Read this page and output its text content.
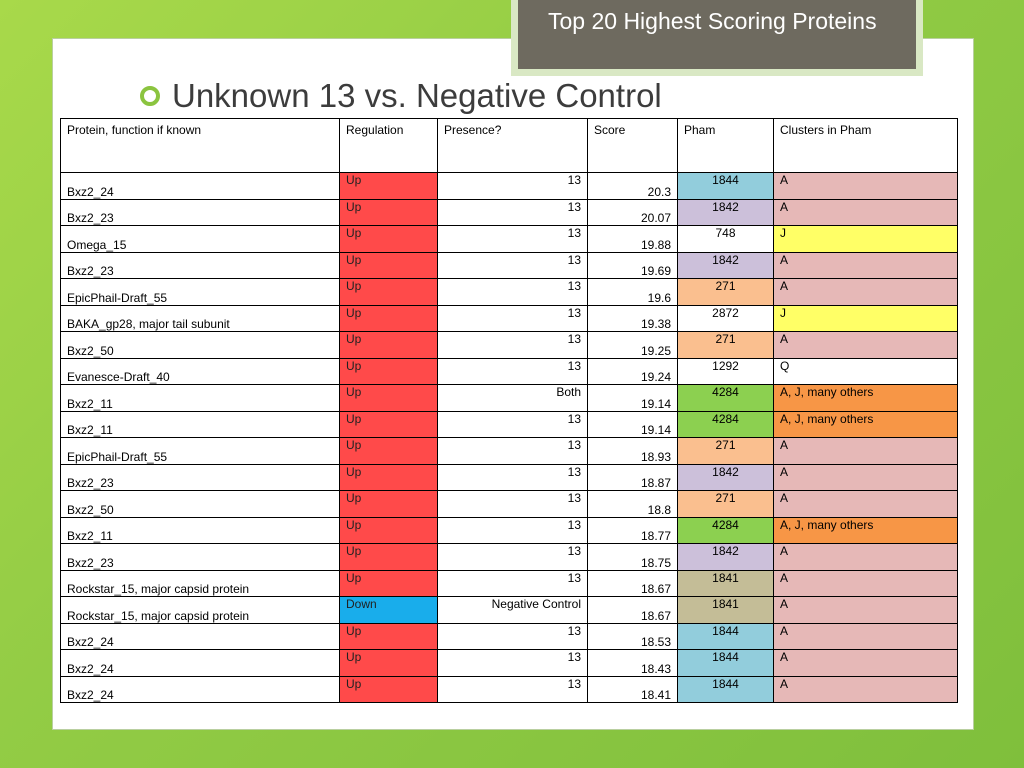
Top 20 Highest Scoring Proteins
Unknown 13 vs. Negative Control
Protein, function if known	Regulation	Presence?	Score	Pham	Clusters in Pham
Bxz2_24	Up	13	20.3	1844	A
Bxz2_23	Up	13	20.07	1842	A
Omega_15	Up	13	19.88	748	J
Bxz2_23	Up	13	19.69	1842	A
EpicPhail-Draft_55	Up	13	19.6	271	A
BAKA_gp28, major tail subunit	Up	13	19.38	2872	J
Bxz2_50	Up	13	19.25	271	A
Evanesce-Draft_40	Up	13	19.24	1292	Q
Bxz2_11	Up	Both	19.14	4284	A, J, many others
Bxz2_11	Up	13	19.14	4284	A, J, many others
EpicPhail-Draft_55	Up	13	18.93	271	A
Bxz2_23	Up	13	18.87	1842	A
Bxz2_50	Up	13	18.8	271	A
Bxz2_11	Up	13	18.77	4284	A, J, many others
Bxz2_23	Up	13	18.75	1842	A
Rockstar_15, major capsid protein	Up	13	18.67	1841	A
Rockstar_15, major capsid protein	Down	Negative Control	18.67	1841	A
Bxz2_24	Up	13	18.53	1844	A
Bxz2_24	Up	13	18.43	1844	A
Bxz2_24	Up	13	18.41	1844	A
